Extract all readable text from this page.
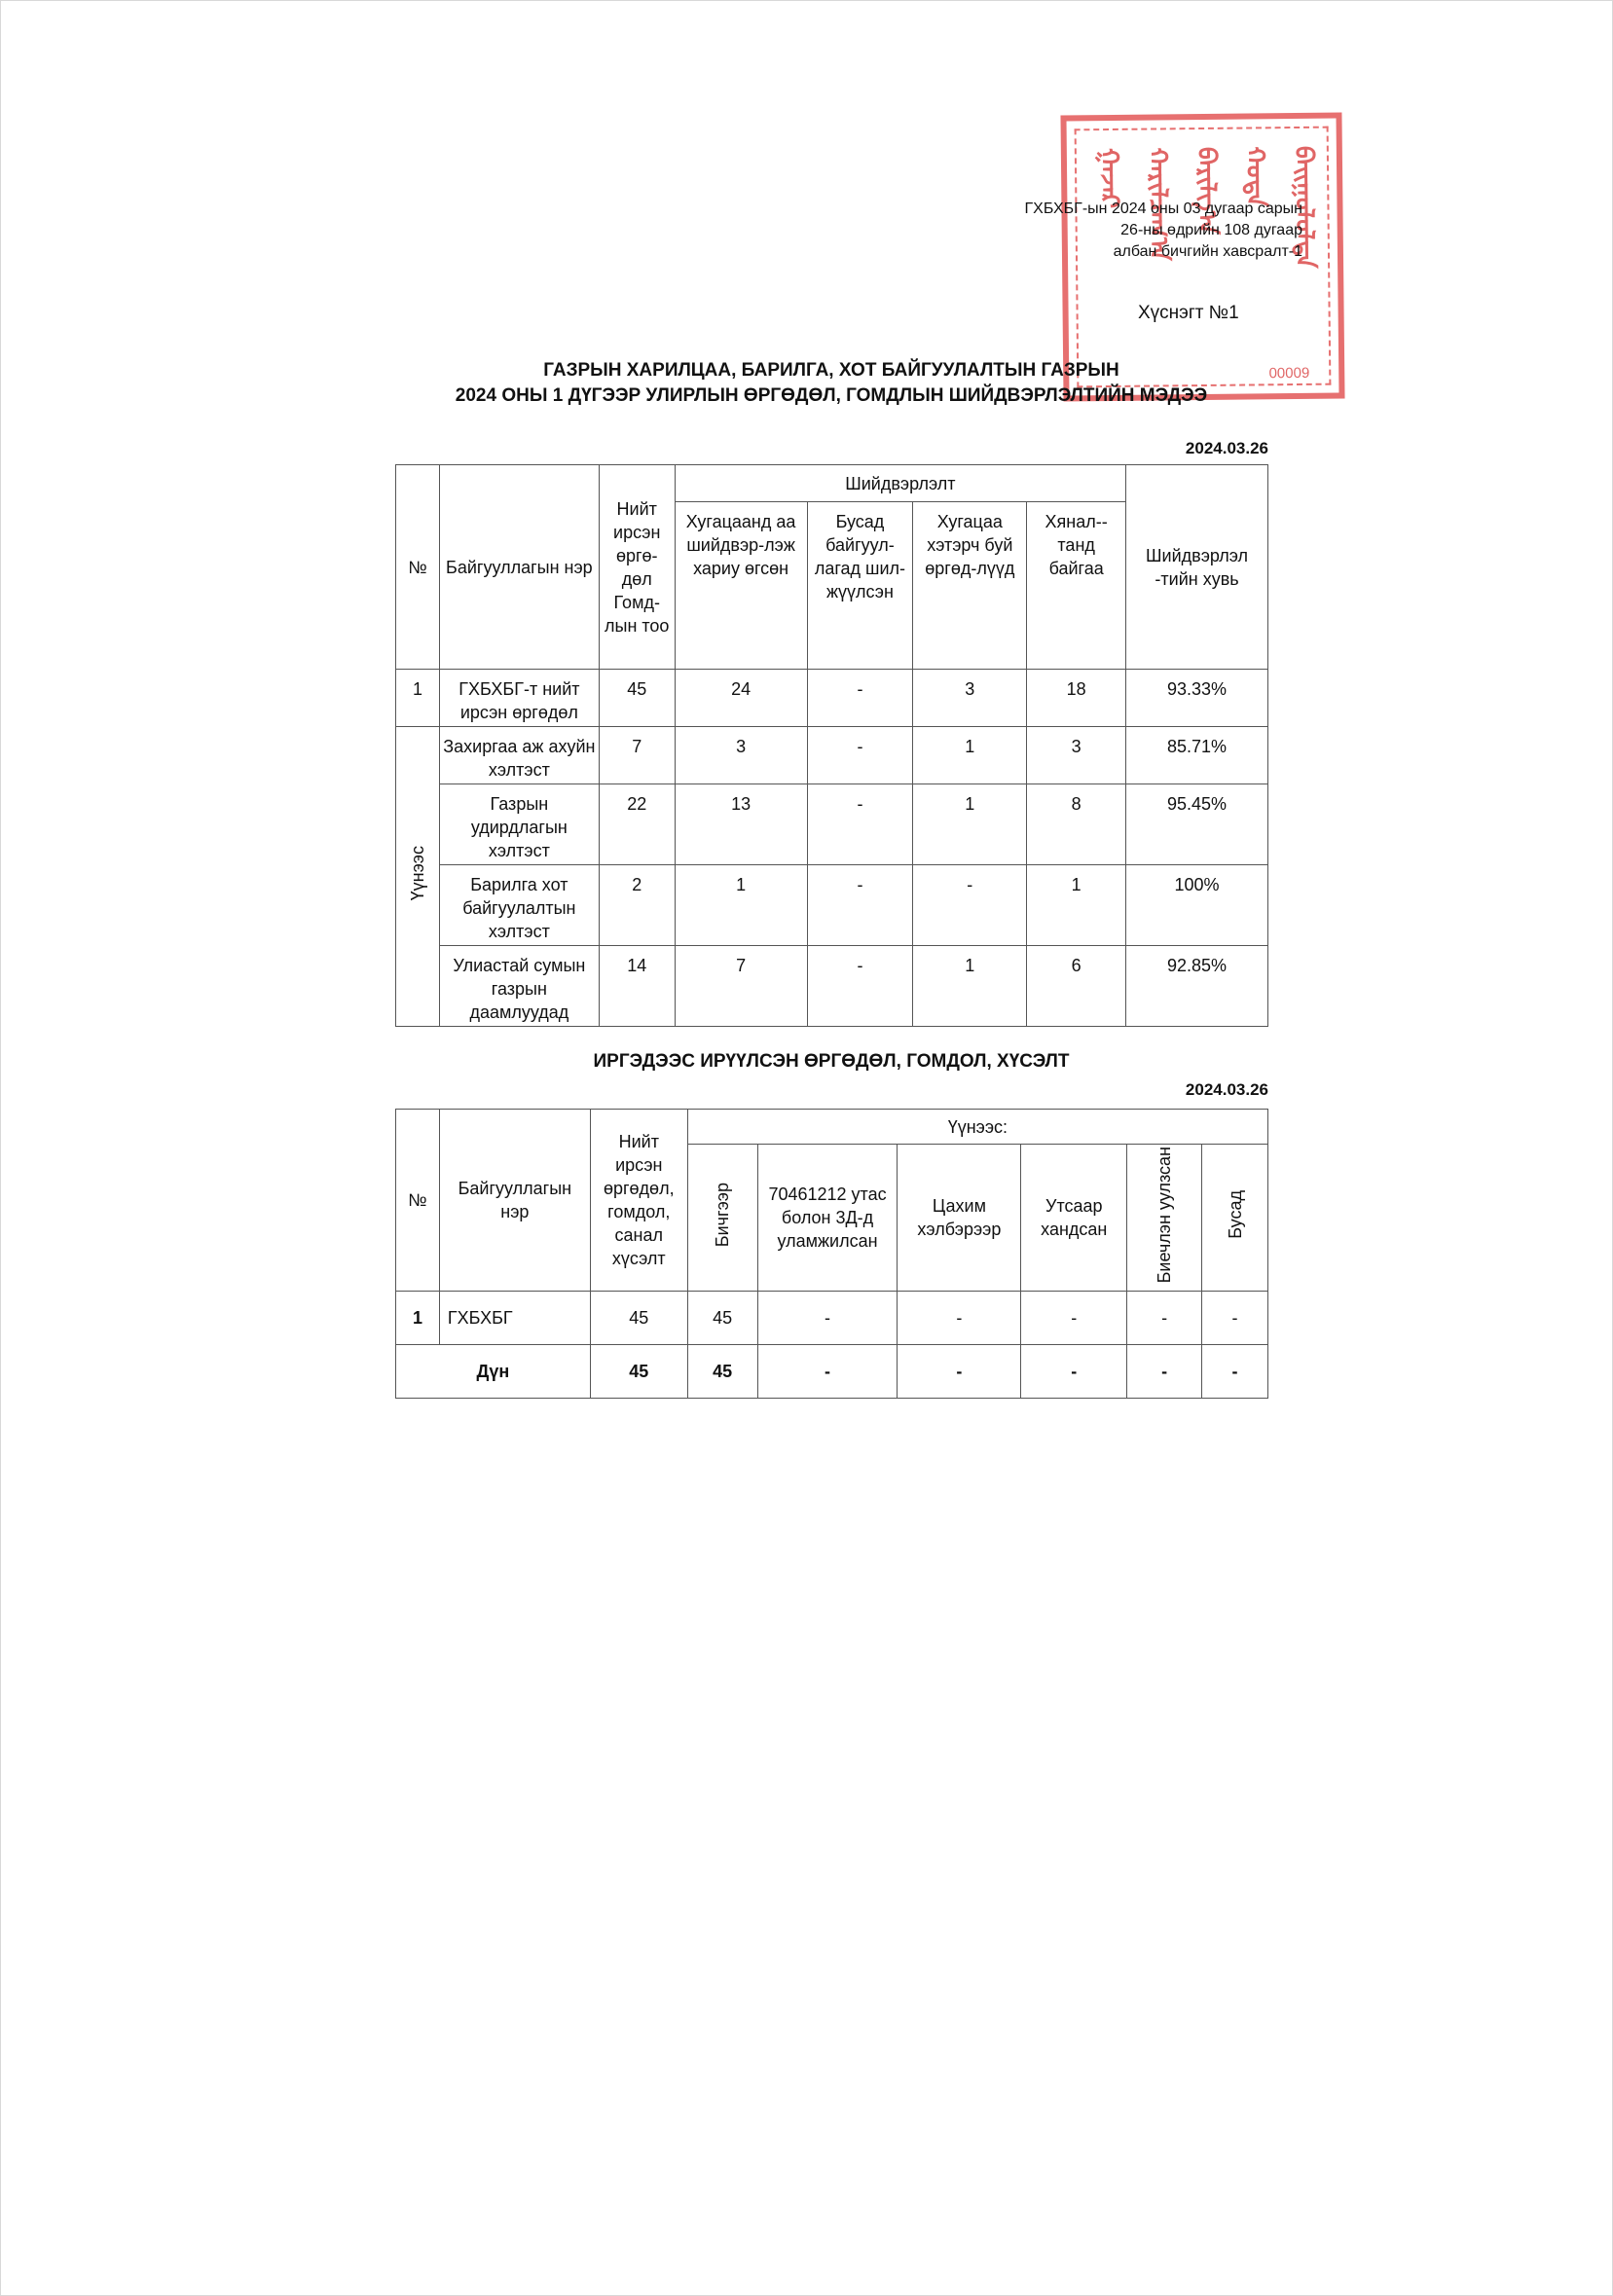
ᠭᠠᠵᠠᠷ ᠬᠠᠷᠢᠯᠴᠠᠭ᠎ᠠ ᠪᠠᠷᠢᠯᠭ᠎ᠠ ᠬᠣᠲᠠ ᠪᠠᠢᠭᠤᠯᠤᠯᠲᠠ
00009
ГХБХБГ-ын 2024 оны 03 дугаар сарын
26-ны өдрийн 108 дугаар
албан бичгийн хавсралт-1
Хүснэгт №1
ГАЗРЫН ХАРИЛЦАА, БАРИЛГА, ХОТ БАЙГУУЛАЛТЫН ГАЗРЫН
2024 ОНЫ 1 ДҮГЭЭР УЛИРЛЫН ӨРГӨДӨЛ, ГОМДЛЫН ШИЙДВЭРЛЭЛТИЙН МЭДЭЭ
2024.03.26
№	Байгууллагын нэр	Нийт ирсэн өргө-дөл Гомд-лын тоо	Шийдвэрлэлт				Шийдвэрлэл -тийн хувь
			Хугацаанд аа шийдвэр-лэж хариу өгсөн	Бусад байгуул-лагад шил-жүүлсэн	Хугацаа хэтэрч буй өргөд-лүүд	Хянал--танд байгаа	
1	ГХБХБГ-т нийт ирсэн өргөдөл	45	24	-	3	18	93.33%
Үүнээс	Захиргаа аж ахуйн хэлтэст	7	3	-	1	3	85.71%
	Газрын удирдлагын хэлтэст	22	13	-	1	8	95.45%
	Барилга хот байгуулалтын хэлтэст	2	1	-	-	1	100%
	Улиастай сумын газрын даамлуудад	14	7	-	1	6	92.85%
ИРГЭДЭЭС ИРҮҮЛСЭН ӨРГӨДӨЛ, ГОМДОЛ, ХҮСЭЛТ
2024.03.26
№	Байгууллагын нэр	Нийт ирсэн өргөдөл, гомдол, санал хүсэлт	Үүнээс:					
			Бичгээр	70461212 утас болон 3Д-д уламжилсан	Цахим хэлбэрээр	Утсаар хандсан	Биечлэн уулзсан	Бусад
1	ГХБХБГ	45	45	-	-	-	-	-
Дүн		45	45	-	-	-	-	-
